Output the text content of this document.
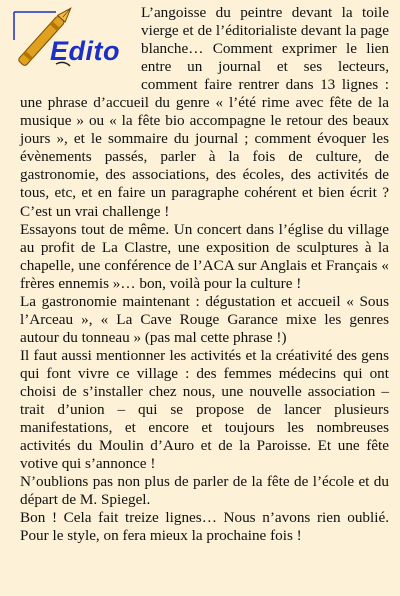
Edito

L’angoisse du peintre devant la toile vierge et de l’éditorialiste devant la page blanche… Comment exprimer le lien entre un journal et ses lecteurs, comment faire rentrer dans 13 lignes : une phrase d’accueil du genre « l’été rime avec fête de la musique » ou « la fête bio accompagne le retour des beaux jours », et le sommaire du journal ; comment évoquer les évènements passés, parler à la fois de culture, de gastronomie, des associations, des écoles, des activités de tous, etc, et en faire un paragraphe cohérent et bien écrit ? C’est un vrai challenge !

Essayons tout de même. Un concert dans l’église du village au profit de La Clastre, une exposition de sculptures à la chapelle, une conférence de l’ACA sur Anglais et Français « frères ennemis »… bon, voilà pour la culture !

La gastronomie maintenant : dégustation et accueil « Sous l’Arceau », « La Cave Rouge Garance mixe les genres autour du tonneau » (pas mal cette phrase !)

Il faut aussi mentionner les activités et la créativité des gens qui font vivre ce village : des femmes médecins qui ont choisi de s’installer chez nous, une nouvelle association – trait d’union – qui se propose de lancer plusieurs manifestations, et encore et toujours les nombreuses activités du Moulin d’Auro et de la Paroisse. Et une fête votive qui s’annonce !

N’oublions pas non plus de parler de la fête de l’école et du départ de M. Spiegel.

Bon ! Cela fait treize lignes… Nous n’avons rien oublié. Pour le style, on fera mieux la prochaine fois !
